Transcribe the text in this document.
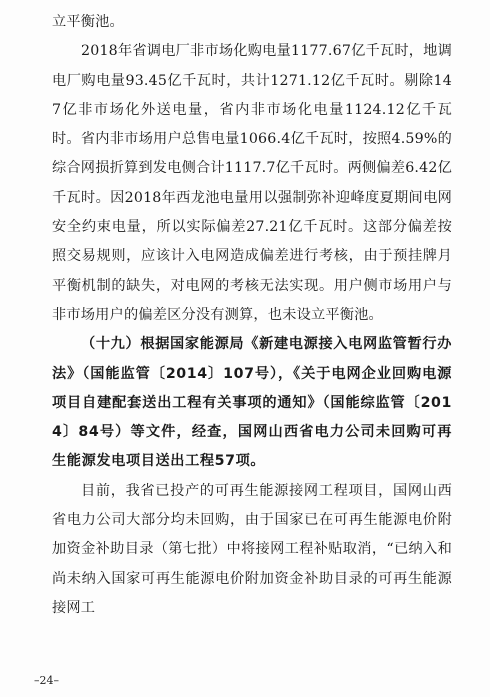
立平衡池。

2018年省调电厂非市场化购电量1177.67亿千瓦时，地调电厂购电量93.45亿千瓦时，共计1271.12亿千瓦时。剔除147亿非市场化外送电量，省内非市场化电量1124.12亿千瓦时。省内非市场用户总售电量1066.4亿千瓦时，按照4.59%的综合网损折算到发电侧合计1117.7亿千瓦时。两侧偏差6.42亿千瓦时。因2018年西龙池电量用以强制弥补迎峰度夏期间电网安全约束电量，所以实际偏差27.21亿千瓦时。这部分偏差按照交易规则，应该计入电网造成偏差进行考核，由于预挂牌月平衡机制的缺失，对电网的考核无法实现。用户侧市场用户与非市场用户的偏差区分没有测算，也未设立平衡池。

（十九）根据国家能源局《新建电源接入电网监管暂行办法》（国能监管〔2014〕107号），《关于电网企业回购电源项目自建配套送出工程有关事项的通知》（国能综监管〔2014〕84号）等文件，经查，国网山西省电力公司未回购可再生能源发电项目送出工程57项。

目前，我省已投产的可再生能源接网工程项目，国网山西省电力公司大部分均未回购，由于国家已在可再生能源电价附加资金补助目录（第七批）中将接网工程补贴取消，“已纳入和尚未纳入国家可再生能源电价附加资金补助目录的可再生能源接网工

–24–
